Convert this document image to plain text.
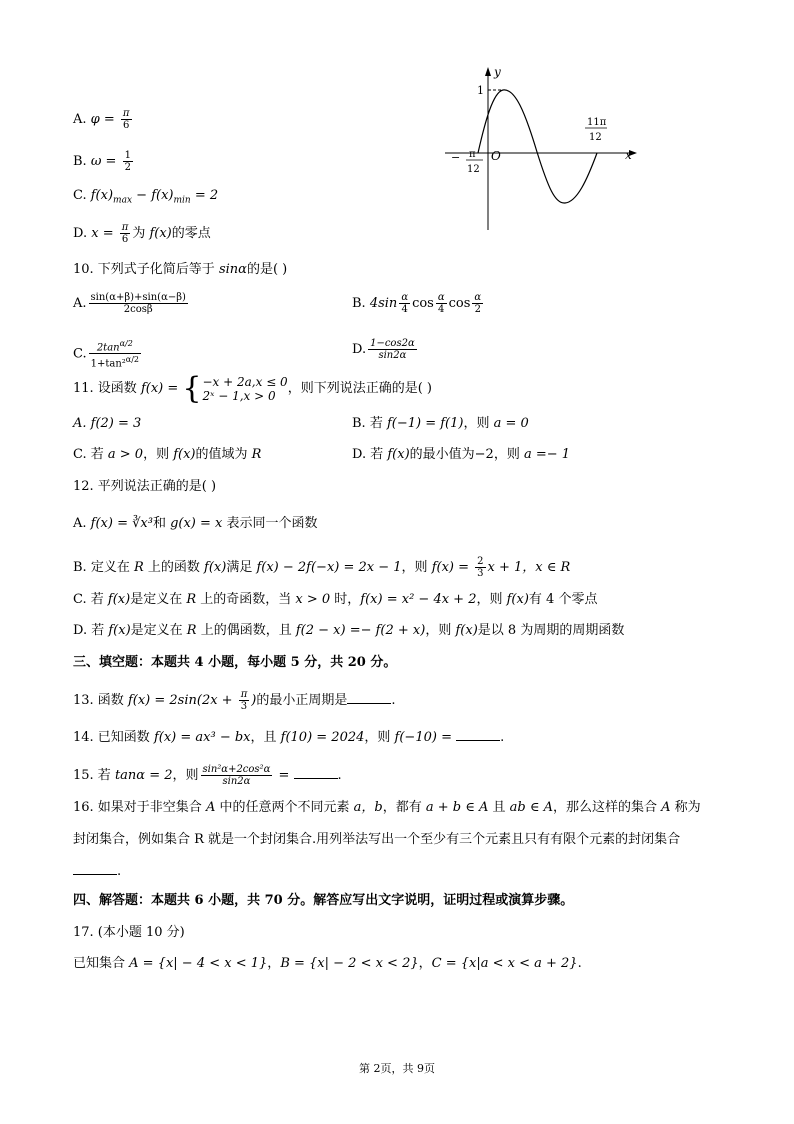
A. $\varphi = \frac{\pi}{6}$
B. $\omega = \frac{1}{2}$
C. $f(x)_{max} - f(x)_{min} = 2$
D. $x = \frac{\pi}{6}$ 为 f(x)的零点
y
x
O
1
− π
12
11π
12
10. 下列式子化简后等于 sinα的是( )
A. $\frac{\sin(\alpha+\beta)+\sin(\alpha-\beta)}{2\cos\beta}$	B. $4\sin \frac{\alpha}{4}$ $\cos \frac{\alpha}{4}$ $\cos \frac{\alpha}{2}$
C. $\frac{2\tan^{\alpha/2}}{1+\tan^2^{\alpha/2}}$	D. $\frac{1-\cos 2\alpha}{\sin 2\alpha}$
11. 设函数 f(x) = { −x + 2a,x ≤ 0
2ˣ − 1,x > 0 ，则下列说法正确的是( )
A. f(2) = 3	B. 若 f(−1) = f(1)，则 a = 0
C. 若 a > 0，则 f(x)的值域为 R	D. 若 f(x)的最小值为−2，则 a =− 1
12. 平列说法正确的是( )
A. f(x) = ∛x³和 g(x) = x 表示同一个函数
B. 定义在 R 上的函数 f(x)满足 f(x) − 2f(−x) = 2x − 1，则 $f(x) = \frac{2}{3}$ x + 1，x ∈ R
C. 若 f(x)是定义在 R 上的奇函数，当 x > 0 时，f(x) = x² − 4x + 2，则 f(x)有 4 个零点
D. 若 f(x)是定义在 R 上的偶函数，且 f(2 − x) =− f(2 + x)，则 f(x)是以 8 为周期的周期函数
三、填空题：本题共 4 小题，每小题 5 分，共 20 分。
13. 函数 $f(x) = 2\sin(2x + \frac{\pi}{3}$ )的最小正周期是	.
14. 已知函数 f(x) = ax³ − bx，且 f(10) = 2024，则 f(−10) =	.
15. 若 tanα = 2，则 $\frac{\text{sin²α+2cos²α}}{\sin 2\alpha}$ =	.
16. 如果对于非空集合 A 中的任意两个不同元素 a，b，都有 a + b ∈ A 且 ab ∈ A，那么这样的集合 A 称为
封闭集合，例如集合 R 就是一个封闭集合.用列举法写出一个至少有三个元素且只有有限个元素的封闭集合
.
四、解答题：本题共 6 小题，共 70 分。解答应写出文字说明，证明过程或演算步骤。
17. (本小题 10 分)
已知集合 A = {x| − 4 < x < 1}，B = {x| − 2 < x < 2}，C = {x|a < x < a + 2}.
第 2页，共 9页
